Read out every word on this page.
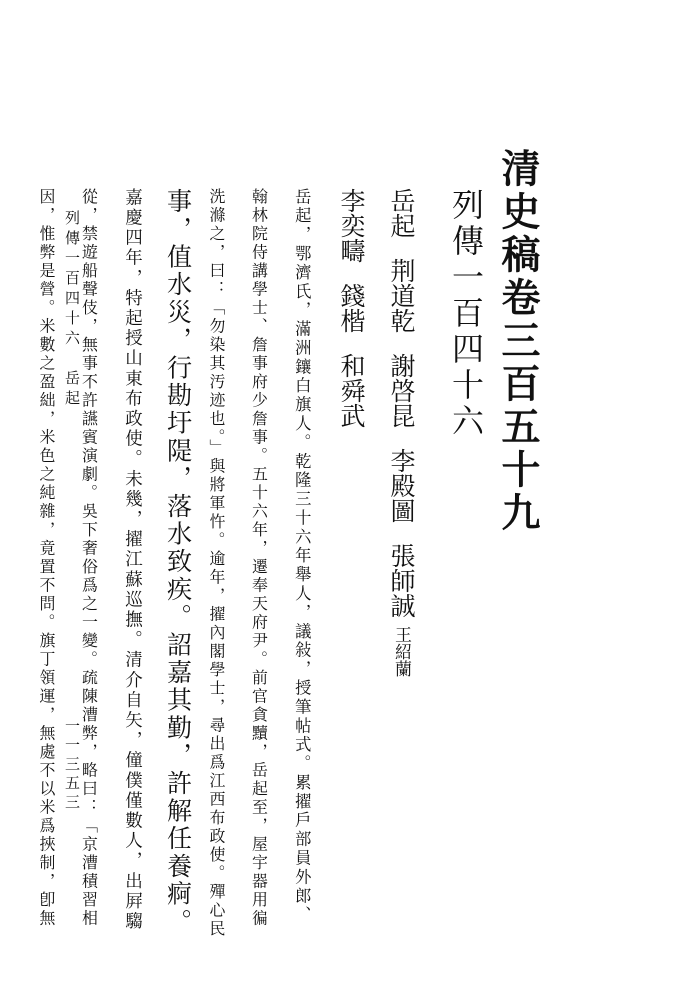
清史稿卷三百五十九
列傳一百四十六
岳起荆道乾謝啓昆李殿圖張師誠王紹蘭
李奕疇錢楷和舜武
岳起，鄂濟氏，滿洲鑲白旗人。乾隆三十六年舉人，議敍，授筆帖式。累擢戶部員外郎、
翰林院侍講學士、詹事府少詹事。五十六年，遷奉天府尹。前官貪黷，岳起至，屋宇器用徧
洗滌之，曰：「勿染其汚迹也。」與將軍忤。逾年，擢內閣學士，尋出爲江西布政使。殫心民
事，值水災，行勘圩隄，落水致疾。詔嘉其勤，許解任養痾。
嘉慶四年，特起授山東布政使。未幾，擢江蘇巡撫。清介自矢，僮僕僅數人，出屛騶
列傳一百四十六　岳起
一一三五三
從，禁遊船聲伎，無事不許讌賓演劇。吳下奢俗爲之一變。疏陳漕弊，略曰：「京漕積習相
因，惟弊是營。米數之盈絀，米色之純雜，竟置不問。旗丁領運，無處不以米爲挾制，卽無
